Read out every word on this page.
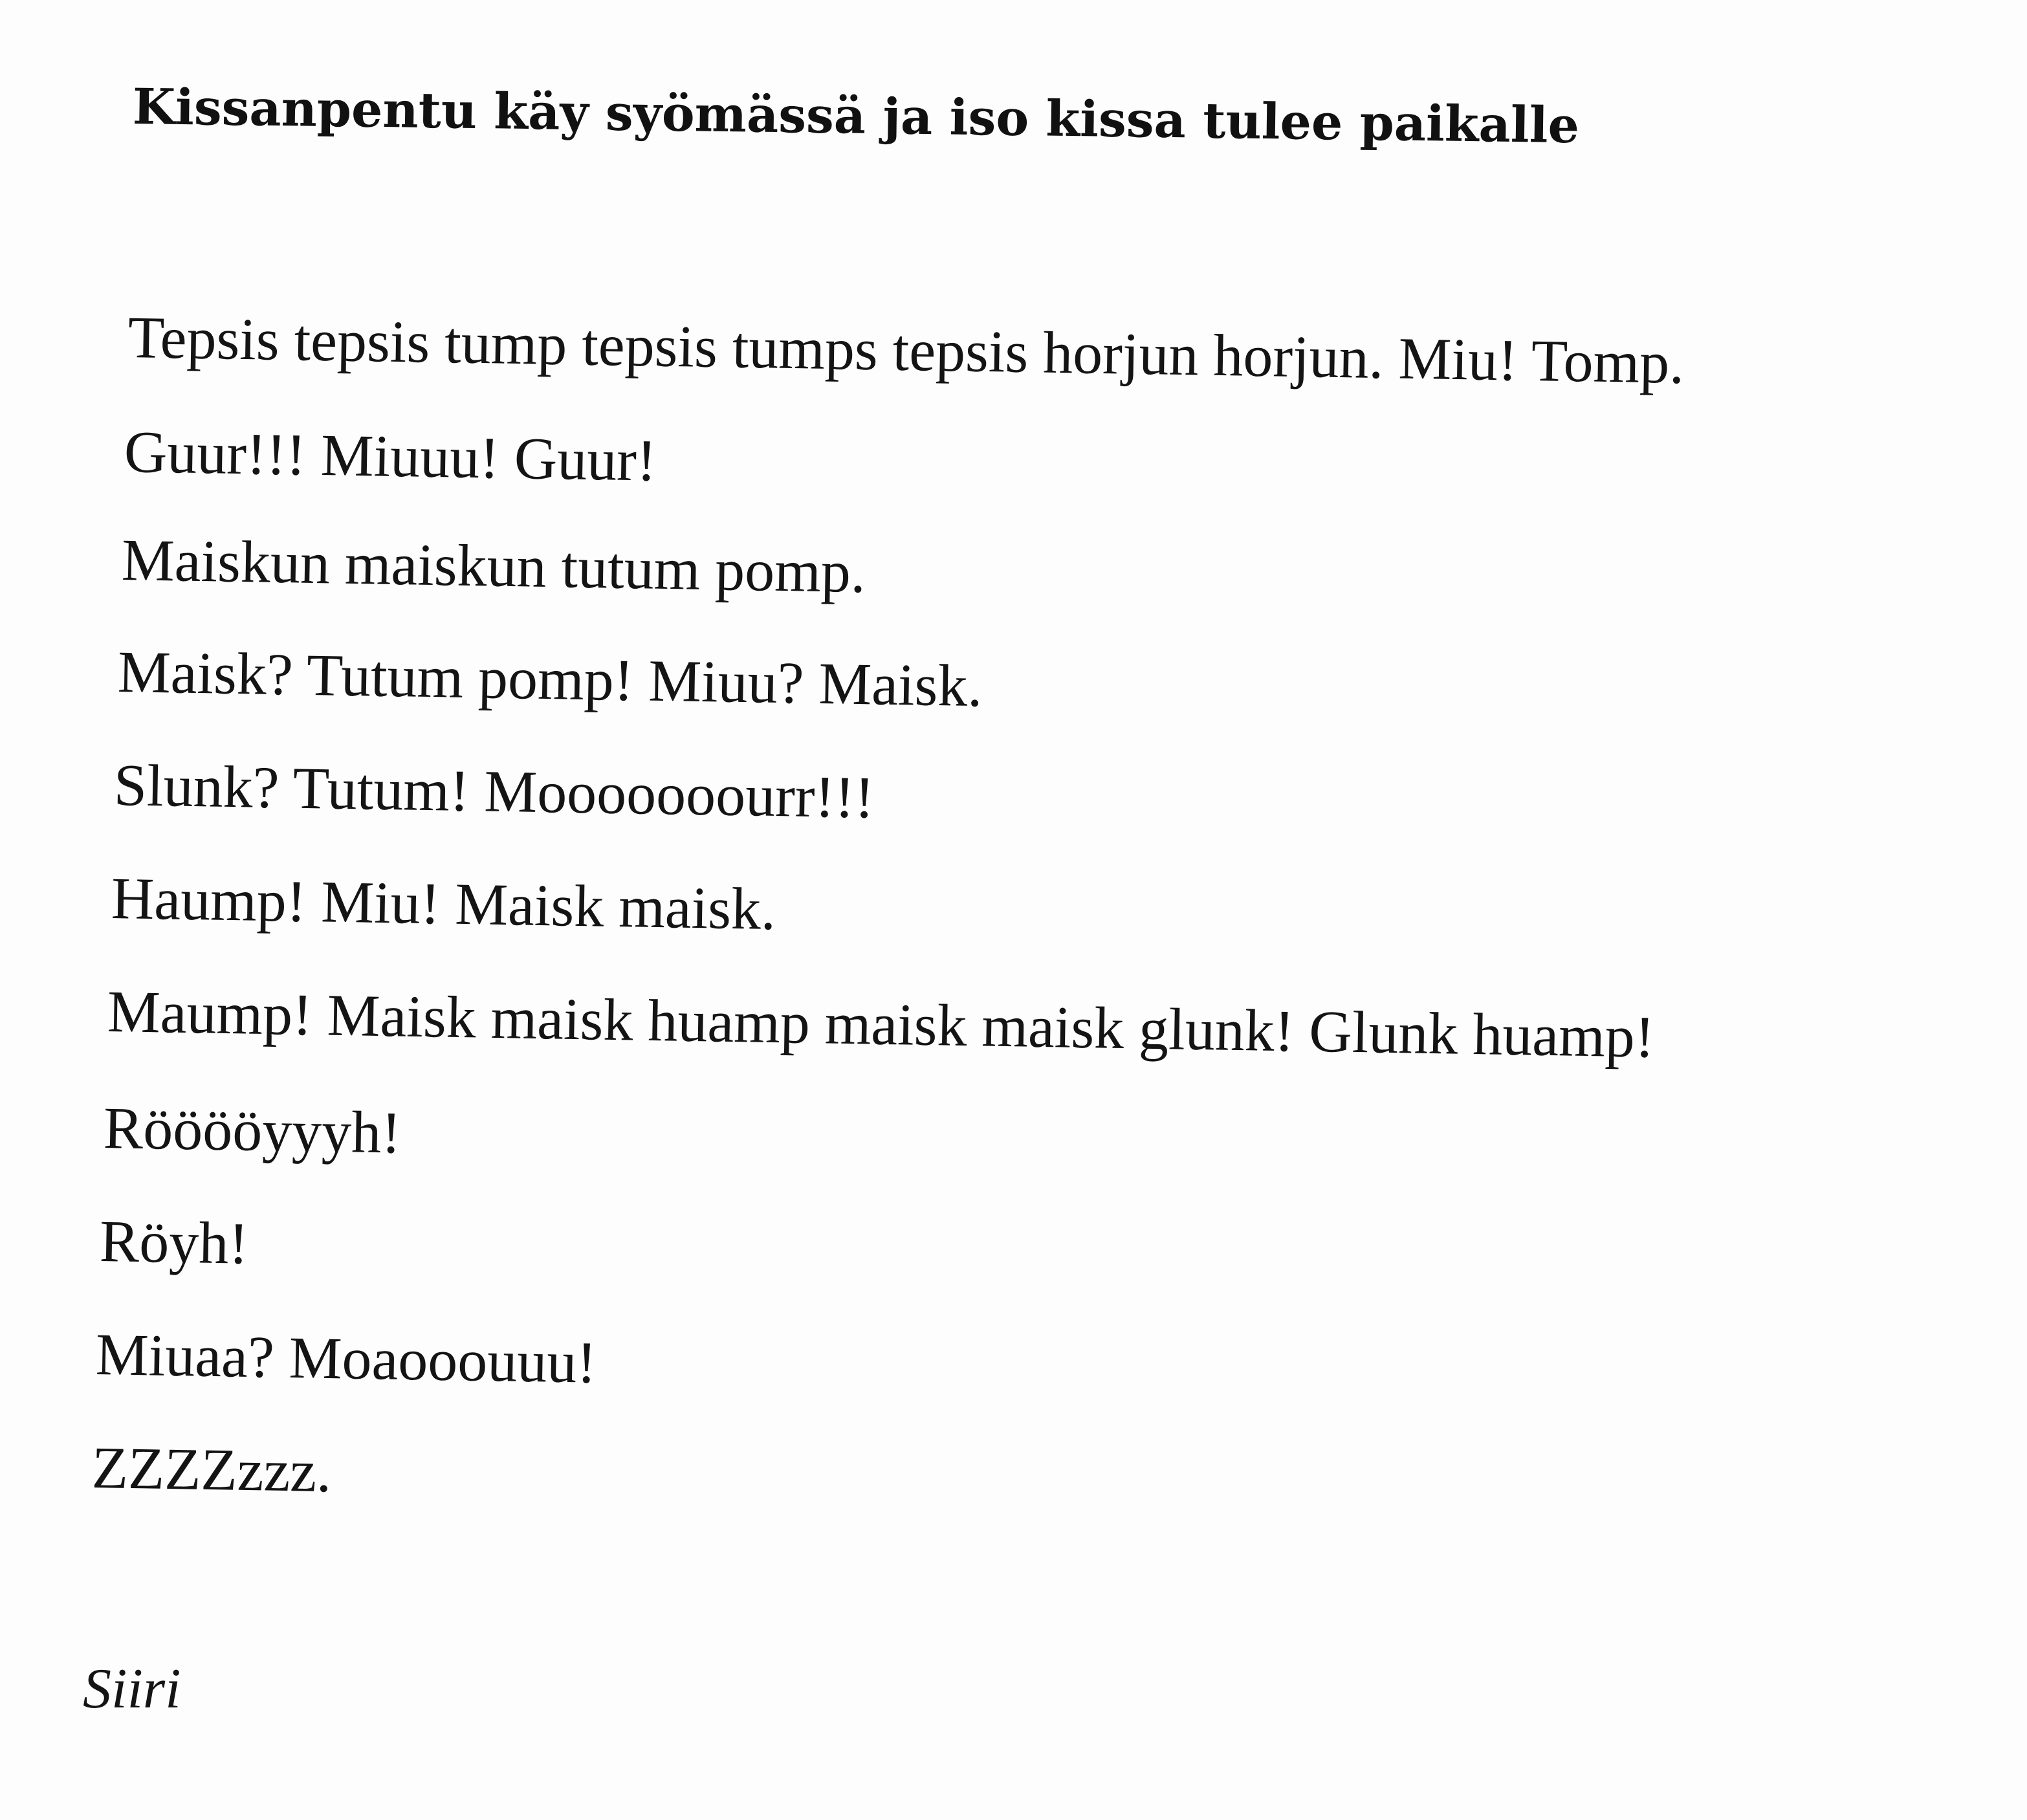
Kissanpentu käy syömässä ja iso kissa tulee paikalle
Tepsis tepsis tump tepsis tumps tepsis horjun horjun. Miu! Tomp.
Guur!!! Miuuu! Guur!
Maiskun maiskun tutum pomp.
Maisk? Tutum pomp! Miuu? Maisk.
Slunk? Tutum! Mooooooourr!!!
Haump! Miu! Maisk maisk.
Maump! Maisk maisk huamp maisk maisk glunk! Glunk huamp!
Rööööyyyh!
Röyh!
Miuaa? Moaooouuu!
ZZZZzzz.
Siiri
